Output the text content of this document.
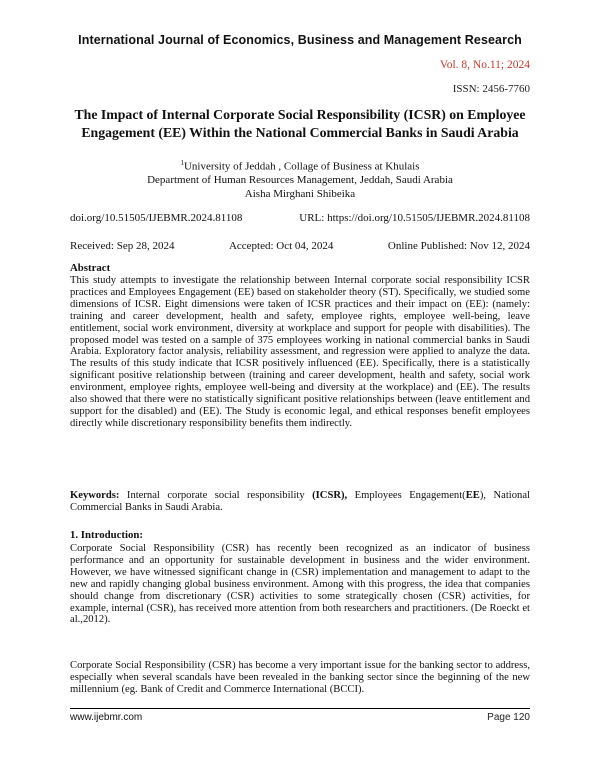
International Journal of Economics, Business and Management Research
Vol. 8, No.11; 2024
ISSN: 2456-7760
The Impact of Internal Corporate Social Responsibility (ICSR) on Employee Engagement (EE) Within the National Commercial Banks in Saudi Arabia
$^1$University of Jeddah , Collage of Business at Khulais
Department of Human Resources Management, Jeddah, Saudi Arabia
Aisha Mirghani Shibeika
doi.org/10.51505/IJEBMR.2024.81108	URL: https://doi.org/10.51505/IJEBMR.2024.81108
Received: Sep 28, 2024	Accepted: Oct 04, 2024	Online Published: Nov 12, 2024
Abstract
This study attempts to investigate the relationship between Internal corporate social responsibility ICSR practices and Employees Engagement (EE) based on stakeholder theory (ST). Specifically, we studied some dimensions of ICSR. Eight dimensions were taken of ICSR practices and their impact on (EE): (namely: training and career development, health and safety, employee rights, employee well-being, leave entitlement, social work environment, diversity at workplace and support for people with disabilities). The proposed model was tested on a sample of 375 employees working in national commercial banks in Saudi Arabia. Exploratory factor analysis, reliability assessment, and regression were applied to analyze the data. The results of this study indicate that ICSR positively influenced (EE). Specifically, there is a statistically significant positive relationship between (training and career development, health and safety, social work environment, employee rights, employee well-being and diversity at the workplace) and (EE). The results also showed that there were no statistically significant positive relationships between (leave entitlement and support for the disabled) and (EE). The Study is economic legal, and ethical responses benefit employees directly while discretionary responsibility benefits them indirectly.
Keywords: Internal corporate social responsibility (ICSR), Employees Engagement(EE), National Commercial Banks in Saudi Arabia.
1. Introduction:
Corporate Social Responsibility (CSR) has recently been recognized as an indicator of business performance and an opportunity for sustainable development in business and the wider environment. However, we have witnessed significant change in (CSR) implementation and management to adapt to the new and rapidly changing global business environment. Among with this progress, the idea that companies should change from discretionary (CSR) activities to some strategically chosen (CSR) activities, for example, internal (CSR), has received more attention from both researchers and practitioners. (De Roeckt et al.,2012).
Corporate Social Responsibility (CSR) has become a very important issue for the banking sector to address, especially when several scandals have been revealed in the banking sector since the beginning of the new millennium (eg. Bank of Credit and Commerce International (BCCI).
www.ijebmr.com	Page 120
